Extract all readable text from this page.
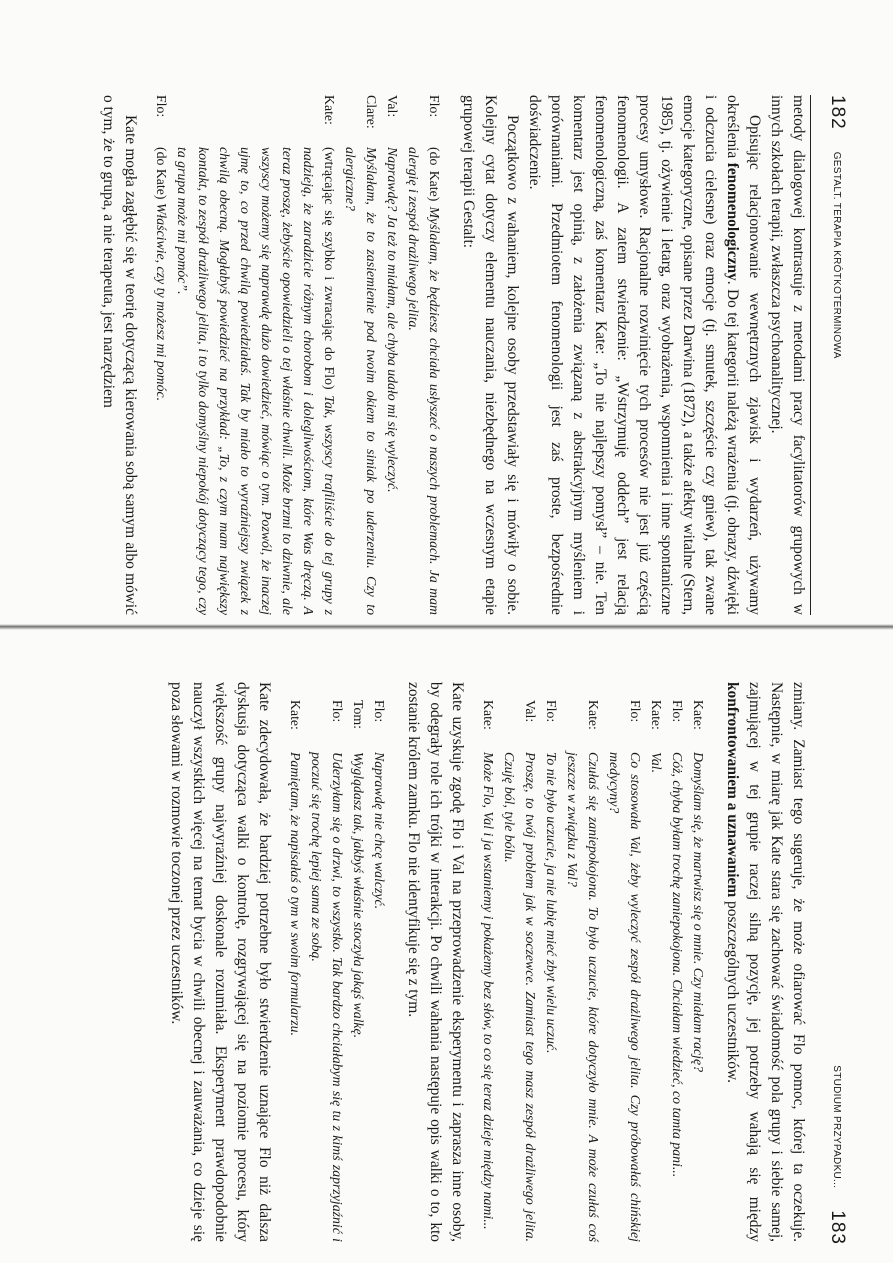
182
GESTALT. TERAPIA KRÓTKOTERMINOWA

metody dialogowej kontrastuje z metodami pracy facylitatorów grupowych w innych szkołach terapii, zwłaszcza psychoanalitycznej.

Opisując relacjonowanie wewnętrznych zjawisk i wydarzeń, używamy określenia fenomenologiczny. Do tej kategorii należą wrażenia (tj. obrazy, dźwięki i odczucia cielesne) oraz emocje (tj. smutek, szczęście czy gniew), tak zwane emocje kategoryczne, opisane przez Darwina (1872), a także afekty witalne (Stern, 1985), tj. ożywienie i letarg, oraz wyobrażenia, wspomnienia i inne spontaniczne procesy umysłowe. Racjonalne rozwinięcie tych procesów nie jest już częścią fenomenologii. A zatem stwierdzenie: „Wstrzymuję oddech” jest relacją fenomenologiczną, zaś komentarz Kate: „To nie najlepszy pomysł” – nie. Ten komentarz jest opinią, z założenia związaną z abstrakcyjnym myśleniem i porównaniami. Przedmiotem fenomenologii jest zaś proste, bezpośrednie doświadczenie.

Początkowo z wahaniem, kolejne osoby przedstawiały się i mówiły o sobie. Kolejny cytat dotyczy elementu nauczania, niezbędnego na wczesnym etapie grupowej terapii Gestalt:

Flo:
(do Kate) Myślałam, że będziesz chciała usłyszeć o naszych problemach. Ja mam alergię i zespół drażliwego jelita.
Val:
Naprawdę? Ja też to miałam, ale chyba udało mi się wyleczyć.
Clare:
Myślałam, że to zasiemienie pod twoim okiem to siniak po uderzeniu. Czy to alergiczne?
Kate:
(wtrącając się szybko i zwracając do Flo) Tak, wszyscy trafiliście do tej grupy z nadzieją, że zaradzicie różnym chorobom i dolegliwościom, które Was dręczą. A teraz proszę, żebyście opowiedzieli o tej właśnie chwili. Może brzmi to dziwnie, ale wszyscy możemy się naprawdę dużo dowiedzieć, mówiąc o tym. Pozwól, że inaczej ujmę to, co przed chwilą powiedziałaś. Tak by miało to wyraźniejszy związek z chwilą obecną. Mogłabyś powiedzieć na przykład: „To, z czym mam największy kontakt, to zespół drażliwego jelita, i to tylko domyślny niepokój dotyczący tego, czy ta grupa może mi pomóc”.
Flo:
(do Kate) Właściwie, czy ty możesz mi pomóc.

Kate mogła zagłębić się w teorię dotyczącą kierowania sobą samym albo mówić o tym, że to grupa, a nie terapeuta, jest narzędziem

STUDIUM PRZYPADKU...
183

zmiany. Zamiast tego sugeruje, że może ofiarować Flo pomoc, której ta oczekuje. Następnie, w miarę jak Kate stara się zachować świadomość pola grupy i siebie samej, zajmującej w tej grupie raczej silną pozycję, jej potrzeby wahają się między konfrontowaniem a uznawaniem poszczególnych uczestników.

Kate:
Domyślam się, że martwisz się o mnie. Czy miałam rację?
Flo:
Cóż, chyba byłam trochę zaniepokojona. Chciałam wiedzieć, co tamta pani...
Kate:
Val.
Flo:
Co stosowała Val, żeby wyleczyć zespół drażliwego jelita. Czy próbowałaś chińskiej medycyny?
Kate:
Czułaś się zaniepokojona. To było uczucie, które dotyczyło mnie. A może czułaś coś jeszcze w związku z Val?
Flo:
To nie było uczucie, ja nie lubię mieć zbyt wielu uczuć.
Val:
Proszę, to twój problem jak w soczewce. Zamiast tego masz zespół drażliwego jelita. Czuję ból, tyle bólu.
Kate:
Może Flo, Val i ja wstaniemy i pokażemy bez słów, to co się teraz dzieje między nami...

Kate uzyskuje zgodę Flo i Val na przeprowadzenie eksperymentu i zaprasza inne osoby, by odegrały role ich trójki w interakcji. Po chwili wahania następuje opis walki o to, kto zostanie królem zamku. Flo nie identyfikuje się z tym.

Flo:
Naprawdę nie chcę walczyć.
Tom:
Wyglądasz tak, jakbyś właśnie stoczyła jakąś walkę.
Flo:
Uderzyłam się o drzwi, to wszystko. Tak bardzo chciałabym się tu z kimś zaprzyjaźnić i poczuć się trochę lepiej sama ze sobą.
Kate:
Pamiętam, że napisałaś o tym w swoim formularzu.

Kate zdecydowała, że bardziej potrzebne było stwierdzenie uznające Flo niż dalsza dyskusja dotycząca walki o kontrolę, rozgrywającej się na poziomie procesu, który większość grupy najwyraźniej doskonale rozumiała. Eksperyment prawdopodobnie nauczył wszystkich więcej na temat bycia w chwili obecnej i zauważania, co dzieje się poza słowami w rozmowie toczonej przez uczestników.
